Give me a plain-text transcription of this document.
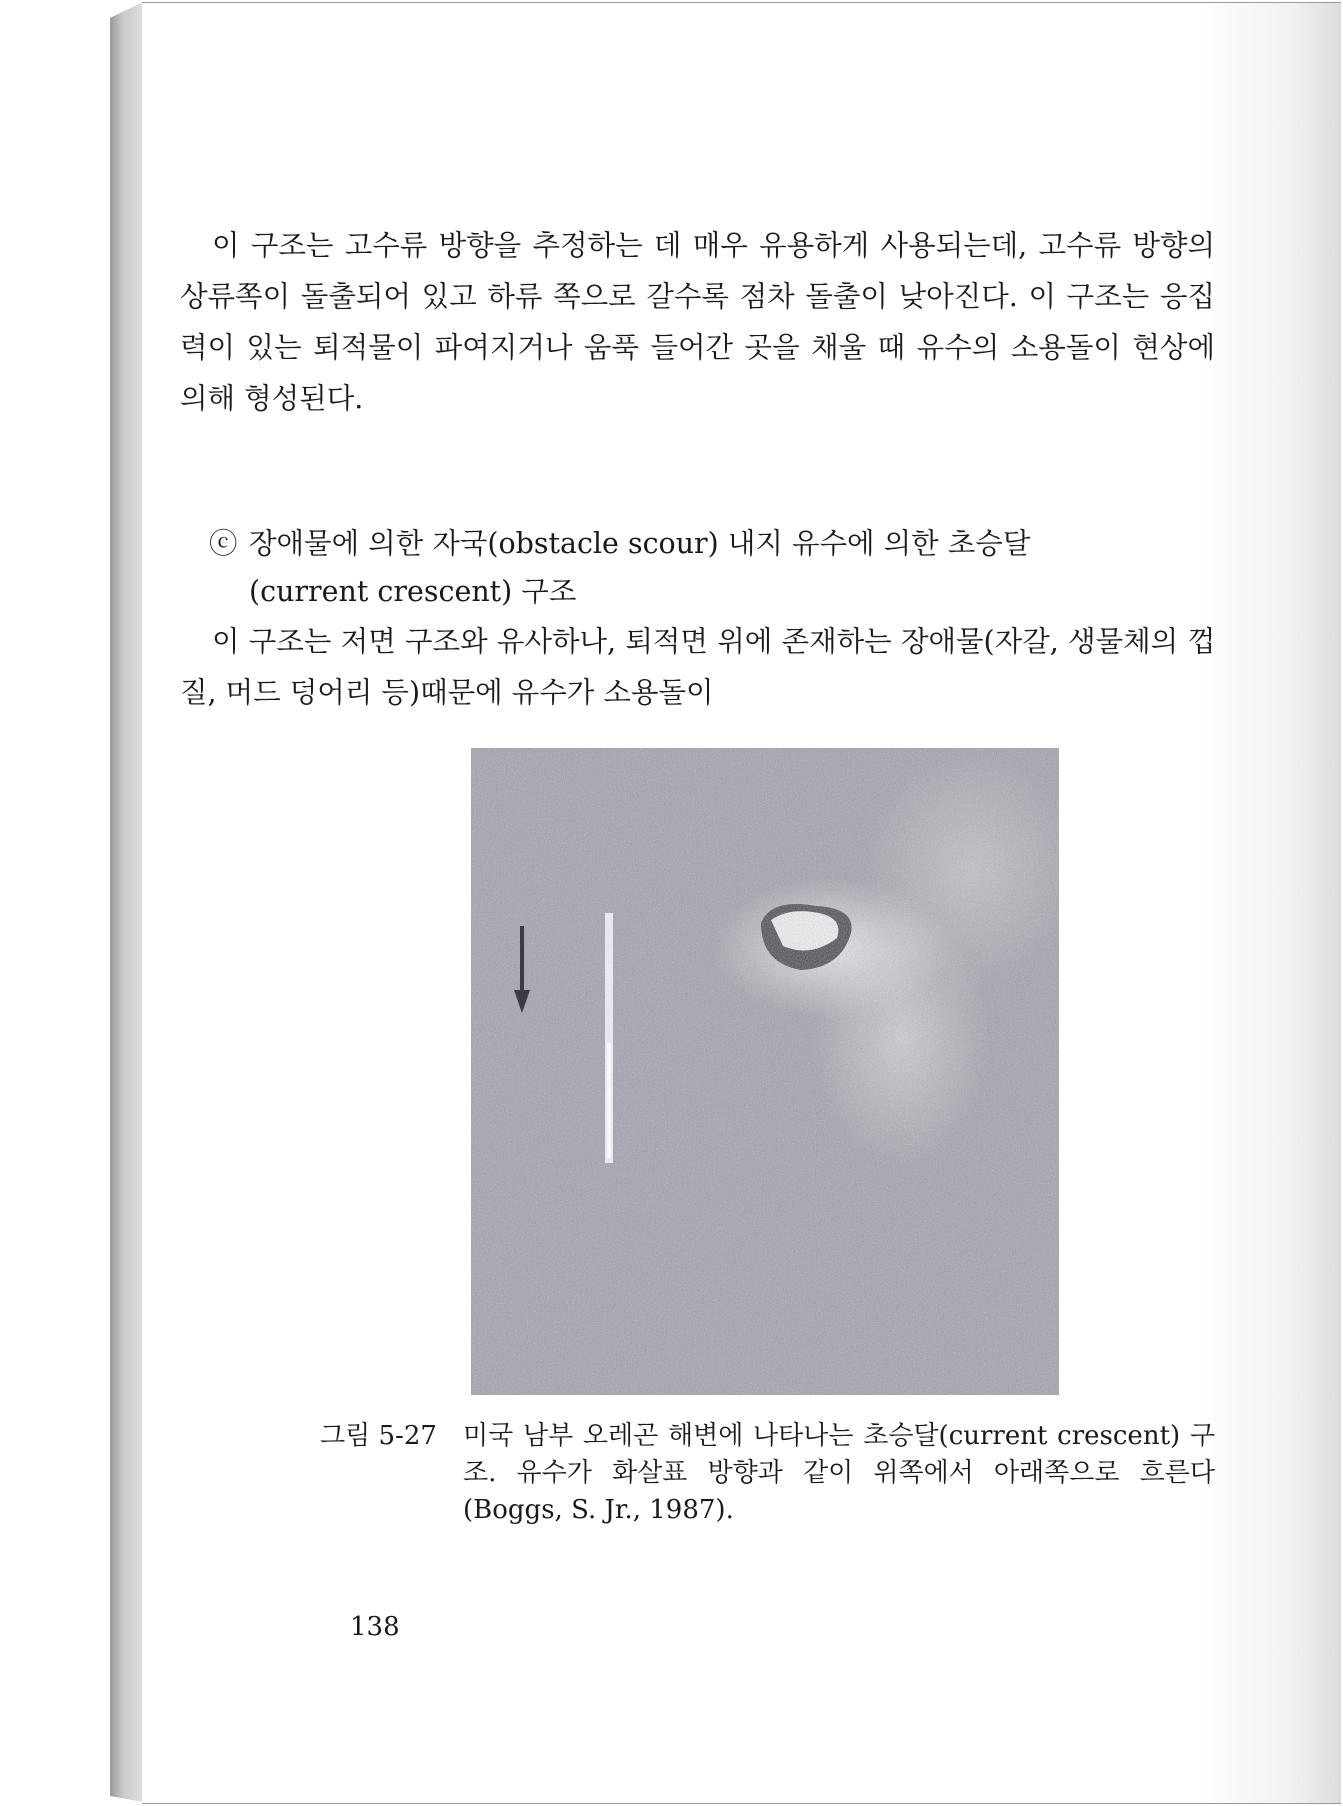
이 구조는 고수류 방향을 추정하는 데 매우 유용하게 사용되는데, 고수류 방향의 상류쪽이 돌출되어 있고 하류 쪽으로 갈수록 점차 돌출이 낮아진다. 이 구조는 응집력이 있는 퇴적물이 파여지거나 움푹 들어간 곳을 채울 때 유수의 소용돌이 현상에 의해 형성된다.

ⓒ 장애물에 의한 자국(obstacle scour) 내지 유수에 의한 초승달
(current crescent) 구조

이 구조는 저면 구조와 유사하나, 퇴적면 위에 존재하는 장애물(자갈, 생물체의 껍질, 머드 덩어리 등)때문에 유수가 소용돌이

그림 5-27 미국 남부 오레곤 해변에 나타나는 초승달(current crescent) 구조. 유수가 화살표 방향과 같이 위쪽에서 아래쪽으로 흐른다 (Boggs, S. Jr., 1987).
138
